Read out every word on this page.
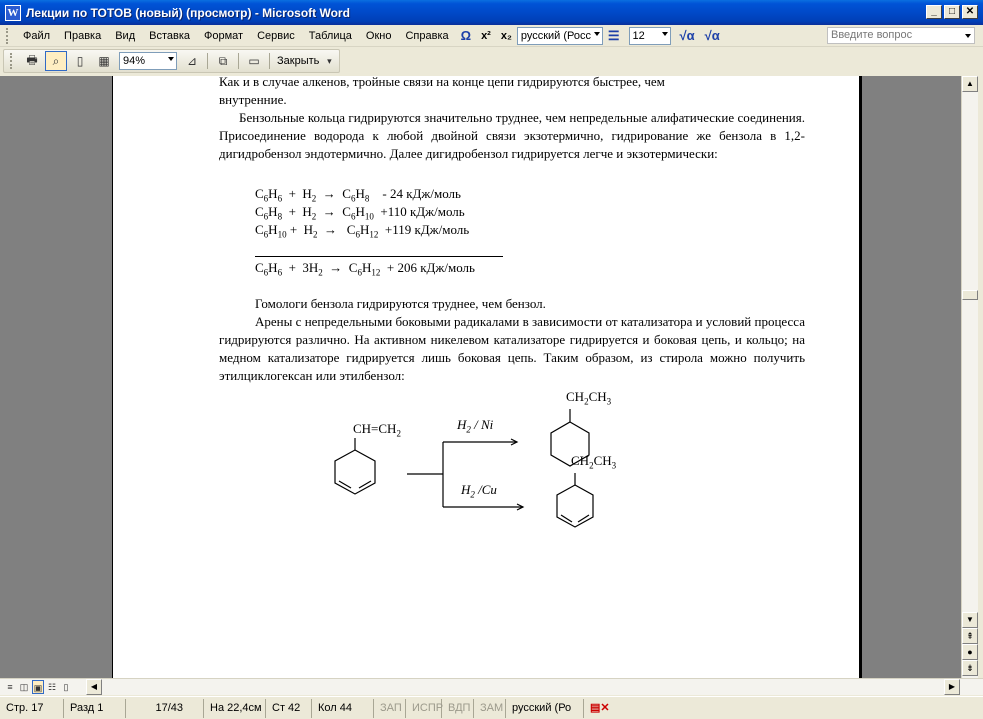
W Лекции по ТОТОВ (новый) (просмотр) - Microsoft Word	_	□	✕
Файл	Правка	Вид	Вставка	Формат	Сервис	Таблица	Окно	Справка Ω x² x₂ русский (Росс	☰	12	√α √α	Введите вопрос
🖶	⌕	▯	▦	94%	⊿	⧉	▭	Закрыть ▾
Как и в случае алкенов, тройные связи на конце цепи гидрируются быстрее, чем
внутренние.
Бензольные кольца гидрируются значительно труднее, чем непредельные алифатические соединения. Присоединение водорода к любой двойной связи экзотермично, гидрирование же бензола в 1,2-дигидробензол эндотермично. Далее дигидробензол гидрируется легче и экзотермически:
$C_6H_6 + H_2 \to C_6H_8 - 24$ кДж/моль
$C_6H_8 + H_2 \to C_6H_{10} +110$ кДж/моль
$C_6H_{10} + H_2 \to C_6H_{12} +119$ кДж/моль
$C_6H_6 + 3H_2 \to C_6H_{12} + 206$ кДж/моль
Гомологи бензола гидрируются труднее, чем бензол.
Арены с непредельными боковыми радикалами в зависимости от катализатора и условий процесса гидрируются различно. На активном никелевом катализаторе гидрируется и боковая цепь, и кольцо; на медном катализаторе гидрируется лишь боковая цепь. Таким образом, из стирола можно получить этилциклогексан или этилбензол:
$CH=CH_2$
$H_2$ / Ni
$H_2$ /Cu
$CH_2CH_3$
$CH_2CH_3$
▲
▼
⇞
●
⇟
≡ ◫ ▣ ☷ ▯	◀	▶
Стр. 17	Разд 1	17/43	На 22,4см Ст 42	Кол 44	ЗАП ИСПР ВДП ЗАМ русский (Ро	▤✕
